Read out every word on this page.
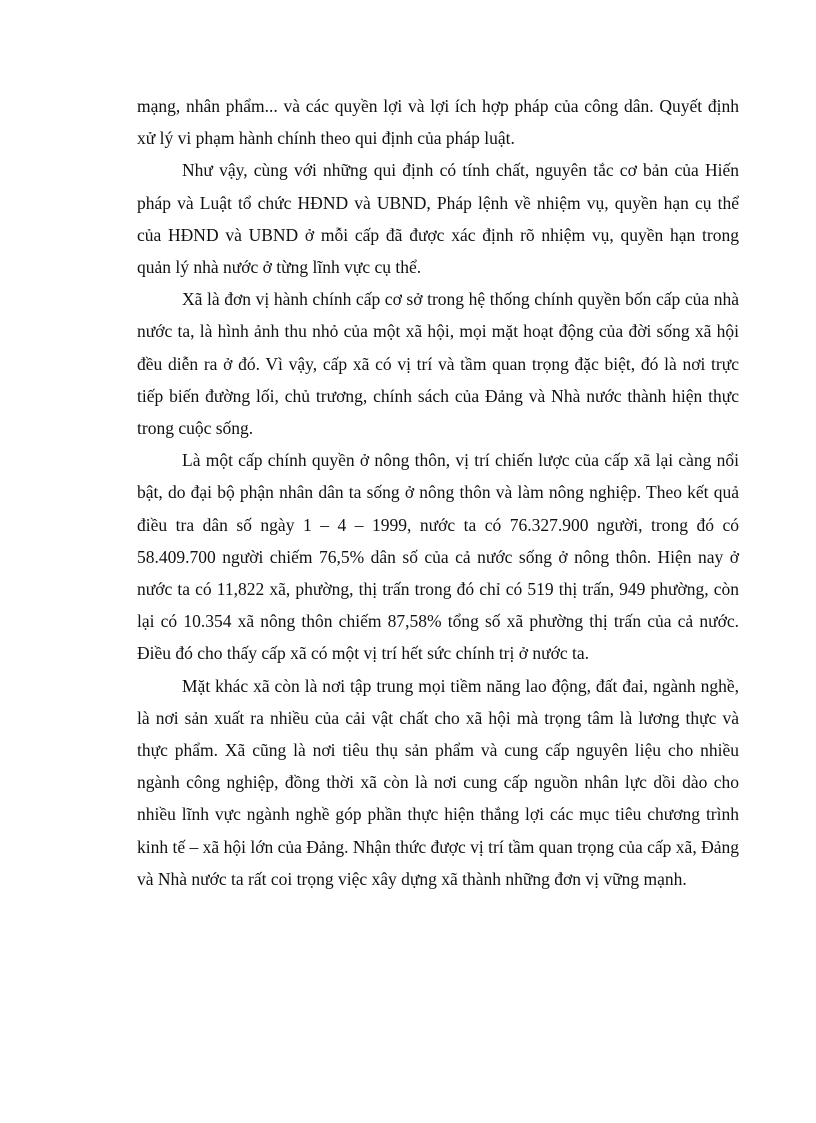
mạng, nhân phẩm... và các quyền lợi và lợi ích hợp pháp của công dân. Quyết định xử lý vi phạm hành chính theo qui định của pháp luật.

Như vậy, cùng với những qui định có tính chất, nguyên tắc cơ bản của Hiến pháp và Luật tổ chức HĐND và UBND, Pháp lệnh về nhiệm vụ, quyền hạn cụ thể của HĐND và UBND ở mỗi cấp đã được xác định rõ nhiệm vụ, quyền hạn trong quản lý nhà nước ở từng lĩnh vực cụ thể.

Xã là đơn vị hành chính cấp cơ sở trong hệ thống chính quyền bốn cấp của nhà nước ta, là hình ảnh thu nhỏ của một xã hội, mọi mặt hoạt động của đời sống xã hội đều diễn ra ở đó. Vì vậy, cấp xã có vị trí và tầm quan trọng đặc biệt, đó là nơi trực tiếp biến đường lối, chủ trương, chính sách của Đảng và Nhà nước thành hiện thực trong cuộc sống.

Là một cấp chính quyền ở nông thôn, vị trí chiến lược của cấp xã lại càng nổi bật, do đại bộ phận nhân dân ta sống ở nông thôn và làm nông nghiệp. Theo kết quả điều tra dân số ngày 1 – 4 – 1999, nước ta có 76.327.900 người, trong đó có 58.409.700 người chiếm 76,5% dân số của cả nước sống ở nông thôn. Hiện nay ở nước ta có 11,822 xã, phường, thị trấn trong đó chỉ có 519 thị trấn, 949 phường, còn lại có 10.354 xã nông thôn chiếm 87,58% tổng số xã phường thị trấn của cả nước. Điều đó cho thấy cấp xã có một vị trí hết sức chính trị ở nước ta.

Mặt khác xã còn là nơi tập trung mọi tiềm năng lao động, đất đai, ngành nghề, là nơi sản xuất ra nhiều của cải vật chất cho xã hội mà trọng tâm là lương thực và thực phẩm. Xã cũng là nơi tiêu thụ sản phẩm và cung cấp nguyên liệu cho nhiều ngành công nghiệp, đồng thời xã còn là nơi cung cấp nguồn nhân lực dồi dào cho nhiều lĩnh vực ngành nghề góp phần thực hiện thắng lợi các mục tiêu chương trình kinh tế – xã hội lớn của Đảng. Nhận thức được vị trí tầm quan trọng của cấp xã, Đảng và Nhà nước ta rất coi trọng việc xây dựng xã thành những đơn vị vững mạnh.
